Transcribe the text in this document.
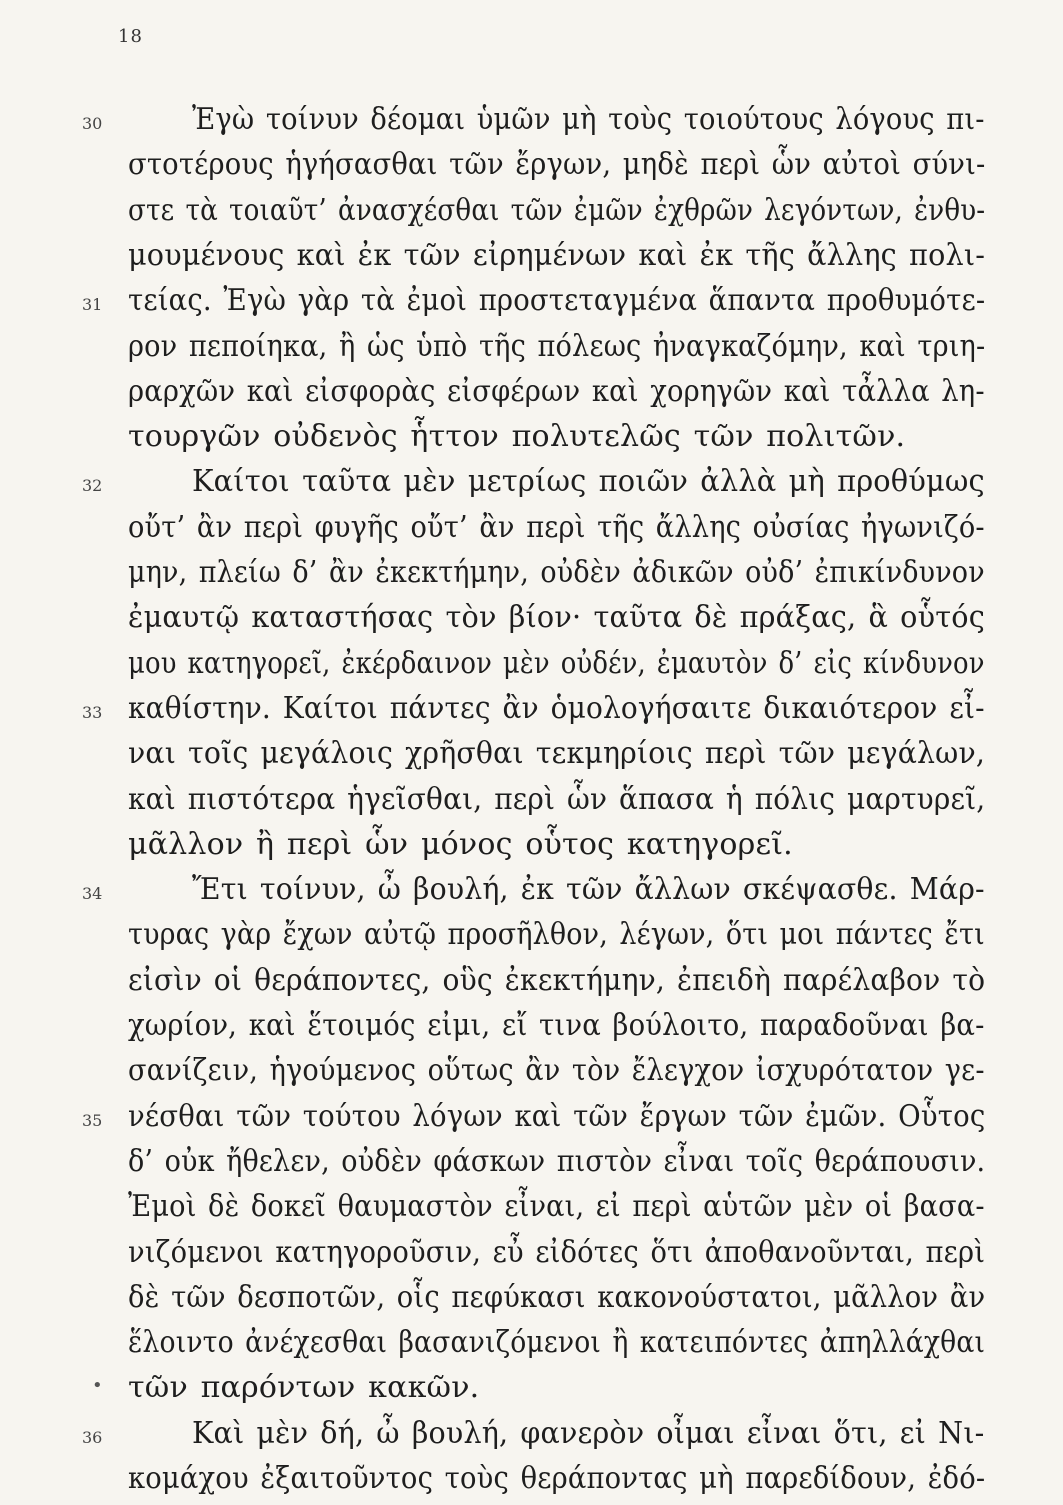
18
30	Ἐγὼ τοίνυν δέομαι ὑμῶν μὴ τοὺς τοιούτους λόγους πι-
στοτέρους ἡγήσασθαι τῶν ἔργων, μηδὲ περὶ ὧν αὐτοὶ σύνι-
στε τὰ τοιαῦτ’ ἀνασχέσθαι τῶν ἐμῶν ἐχθρῶν λεγόντων, ἐνθυ-
μουμένους καὶ ἐκ τῶν εἰρημένων καὶ ἐκ τῆς ἄλλης πολι-
31 τείας. Ἐγὼ γὰρ τὰ ἐμοὶ προστεταγμένα ἅπαντα προθυμότε-
ρον πεποίηκα, ἢ ὡς ὑπὸ τῆς πόλεως ἠναγκαζόμην, καὶ τριη-
ραρχῶν καὶ εἰσφορὰς εἰσφέρων καὶ χορηγῶν καὶ τἆλλα λη-
τουργῶν οὐδενὸς ἧττον πολυτελῶς τῶν πολιτῶν.
32	Καίτοι ταῦτα μὲν μετρίως ποιῶν ἀλλὰ μὴ προθύμως
οὔτ’ ἂν περὶ φυγῆς οὔτ’ ἂν περὶ τῆς ἄλλης οὐσίας ἠγωνιζό-
μην, πλείω δ’ ἂν ἐκεκτήμην, οὐδὲν ἀδικῶν οὐδ’ ἐπικίνδυνον
ἐμαυτῷ καταστήσας τὸν βίον· ταῦτα δὲ πράξας, ἃ οὗτός
μου κατηγορεῖ, ἐκέρδαινον μὲν οὐδέν, ἐμαυτὸν δ’ εἰς κίνδυνον
33 καθίστην. Καίτοι πάντες ἂν ὁμολογήσαιτε δικαιότερον εἶ-
ναι τοῖς μεγάλοις χρῆσθαι τεκμηρίοις περὶ τῶν μεγάλων,
καὶ πιστότερα ἡγεῖσθαι, περὶ ὧν ἅπασα ἡ πόλις μαρτυρεῖ,
μᾶλλον ἢ περὶ ὧν μόνος οὗτος κατηγορεῖ.
34	Ἔτι τοίνυν, ὦ βουλή, ἐκ τῶν ἄλλων σκέψασθε. Μάρ-
τυρας γὰρ ἔχων αὐτῷ προσῆλθον, λέγων, ὅτι μοι πάντες ἔτι
εἰσὶν οἱ θεράποντες, οὓς ἐκεκτήμην, ἐπειδὴ παρέλαβον τὸ
χωρίον, καὶ ἕτοιμός εἰμι, εἴ τινα βούλοιτο, παραδοῦναι βα-
σανίζειν, ἡγούμενος οὕτως ἂν τὸν ἔλεγχον ἰσχυρότατον γε-
35 νέσθαι τῶν τούτου λόγων καὶ τῶν ἔργων τῶν ἐμῶν. Οὗτος
δ’ οὐκ ἤθελεν, οὐδὲν φάσκων πιστὸν εἶναι τοῖς θεράπουσιν.
Ἐμοὶ δὲ δοκεῖ θαυμαστὸν εἶναι, εἰ περὶ αὑτῶν μὲν οἱ βασα-
νιζόμενοι κατηγοροῦσιν, εὖ εἰδότες ὅτι ἀποθανοῦνται, περὶ
δὲ τῶν δεσποτῶν, οἷς πεφύκασι κακονούστατοι, μᾶλλον ἂν
ἕλοιντο ἀνέχεσθαι βασανιζόμενοι ἢ κατειπόντες ἀπηλλάχθαι
τῶν παρόντων κακῶν.
36	Καὶ μὲν δή, ὦ βουλή, φανερὸν οἶμαι εἶναι ὅτι, εἰ Νι-
κομάχου ἐξαιτοῦντος τοὺς θεράποντας μὴ παρεδίδουν, ἐδό-
•
